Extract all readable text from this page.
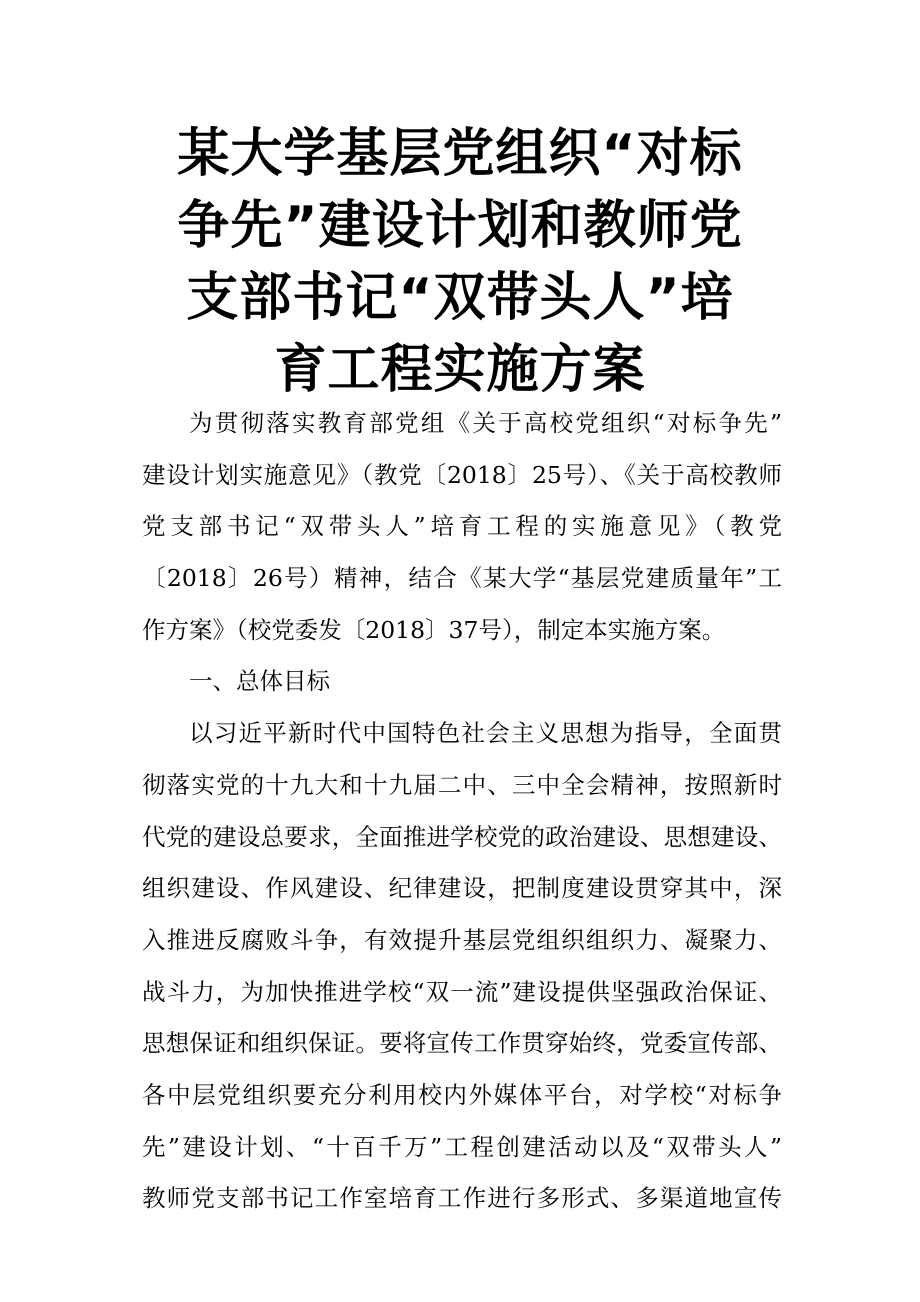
某大学基层党组织“对标
争先”建设计划和教师党
支部书记“双带头人”培
育工程实施方案
为贯彻落实教育部党组《关于高校党组织“对标争先”
建设计划实施意见》（教党〔2018〕25号）、《关于高校教师
党支部书记“双带头人”培育工程的实施意见》（教党
〔2018〕26号）精神，结合《某大学“基层党建质量年”工
作方案》（校党委发〔2018〕37号），制定本实施方案。
一、总体目标
以习近平新时代中国特色社会主义思想为指导，全面贯
彻落实党的十九大和十九届二中、三中全会精神，按照新时
代党的建设总要求，全面推进学校党的政治建设、思想建设、
组织建设、作风建设、纪律建设，把制度建设贯穿其中，深
入推进反腐败斗争，有效提升基层党组织组织力、凝聚力、
战斗力，为加快推进学校“双一流”建设提供坚强政治保证、
思想保证和组织保证。要将宣传工作贯穿始终，党委宣传部、
各中层党组织要充分利用校内外媒体平台，对学校“对标争
先”建设计划、“十百千万”工程创建活动以及“双带头人”
教师党支部书记工作室培育工作进行多形式、多渠道地宣传
